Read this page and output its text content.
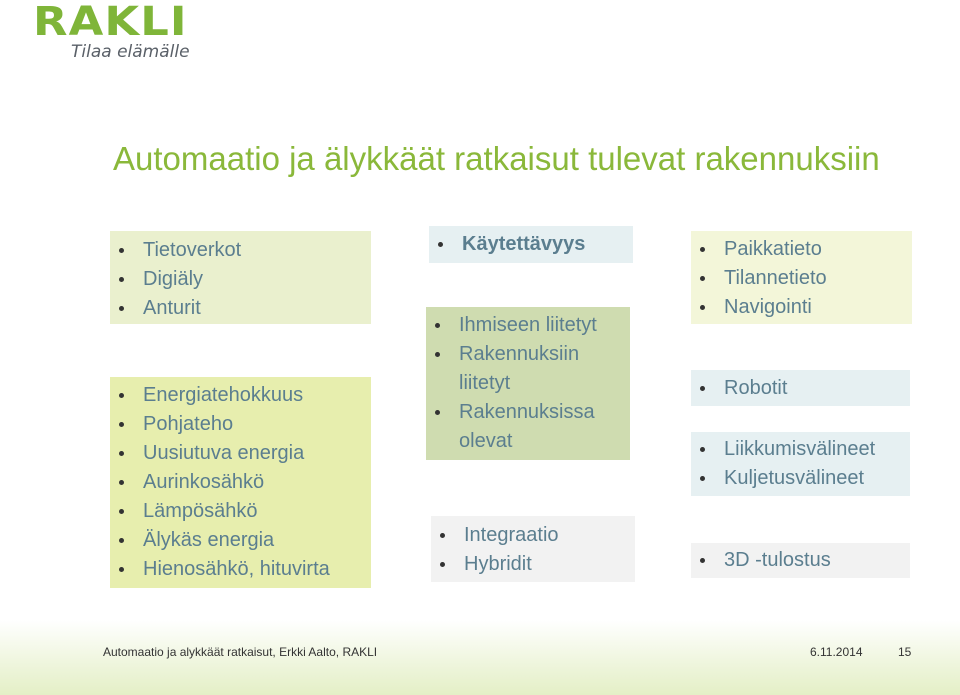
RAKLI
Tilaa elämälle
Automaatio ja älykkäät ratkaisut tulevat rakennuksiin
Tietoverkot
Digiäly
Anturit
Energiatehokkuus
Pohjateho
Uusiutuva energia
Aurinkosähkö
Lämpösähkö
Älykäs energia
Hienosähkö, hituvirta
Käytettävyys
Ihmiseen liitetyt
Rakennuksiin liitetyt
Rakennuksissa olevat
Integraatio
Hybridit
Paikkatieto
Tilannetieto
Navigointi
Robotit
Liikkumisvälineet
Kuljetusvälineet
3D -tulostus
Automaatio ja alykkäät ratkaisut, Erkki Aalto, RAKLI	6.11.2014	15
